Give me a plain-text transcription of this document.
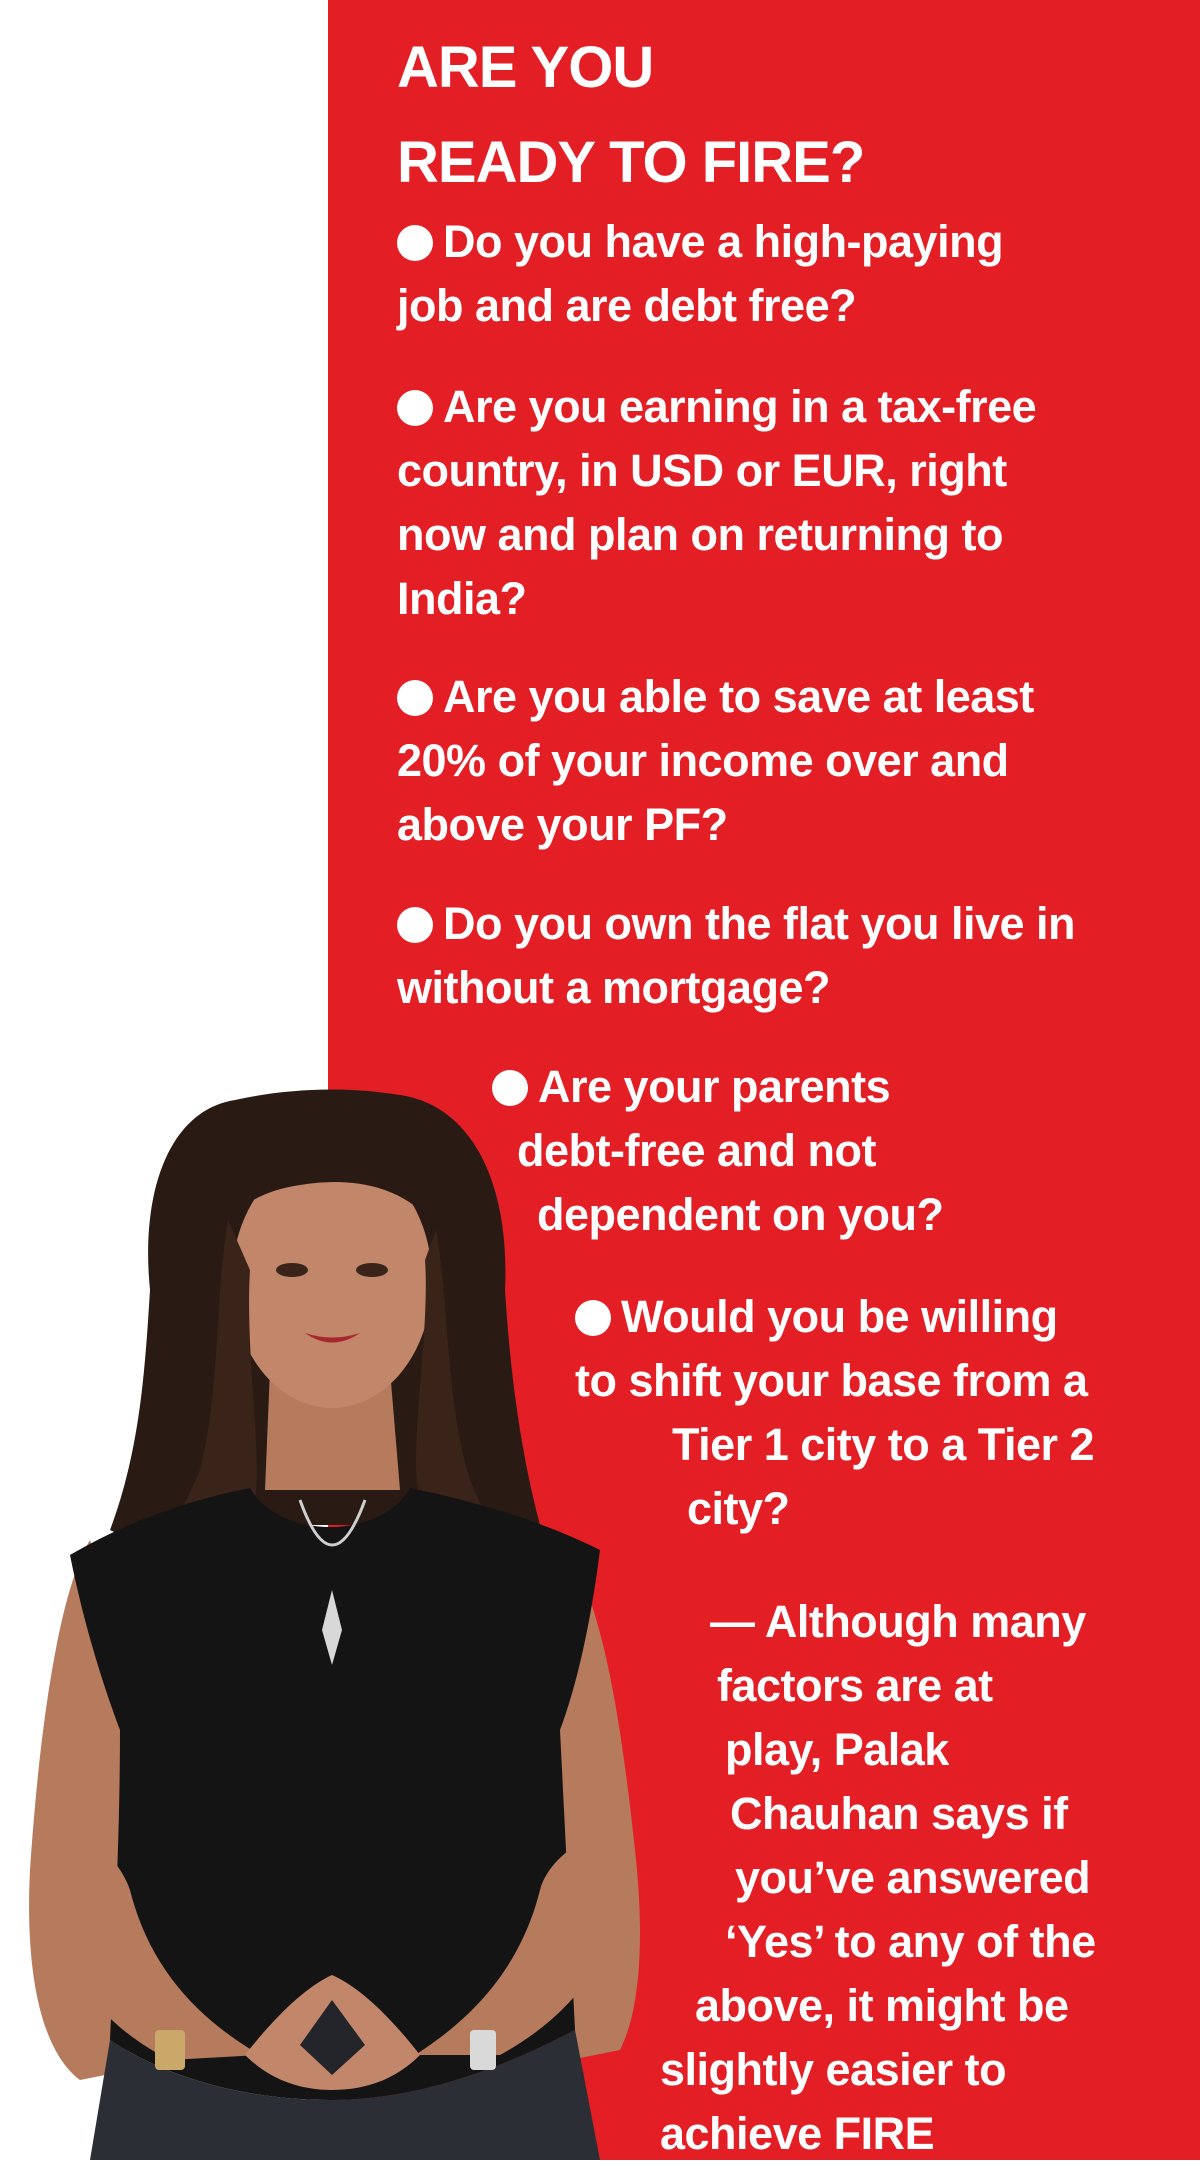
ARE YOU
READY TO FIRE?

Do you have a high-paying
job and are debt free?

Are you earning in a tax-free
country, in USD or EUR, right
now and plan on returning to
India?

Are you able to save at least
20% of your income over and
above your PF?

Do you own the flat you live in
without a mortgage?

Are your parents
debt-free and not
dependent on you?

Would you be willing
to shift your base from a
Tier 1 city to a Tier 2
city?

— Although many
factors are at
play, Palak
Chauhan says if
you’ve answered
‘Yes’ to any of the
above, it might be
slightly easier to
achieve FIRE
